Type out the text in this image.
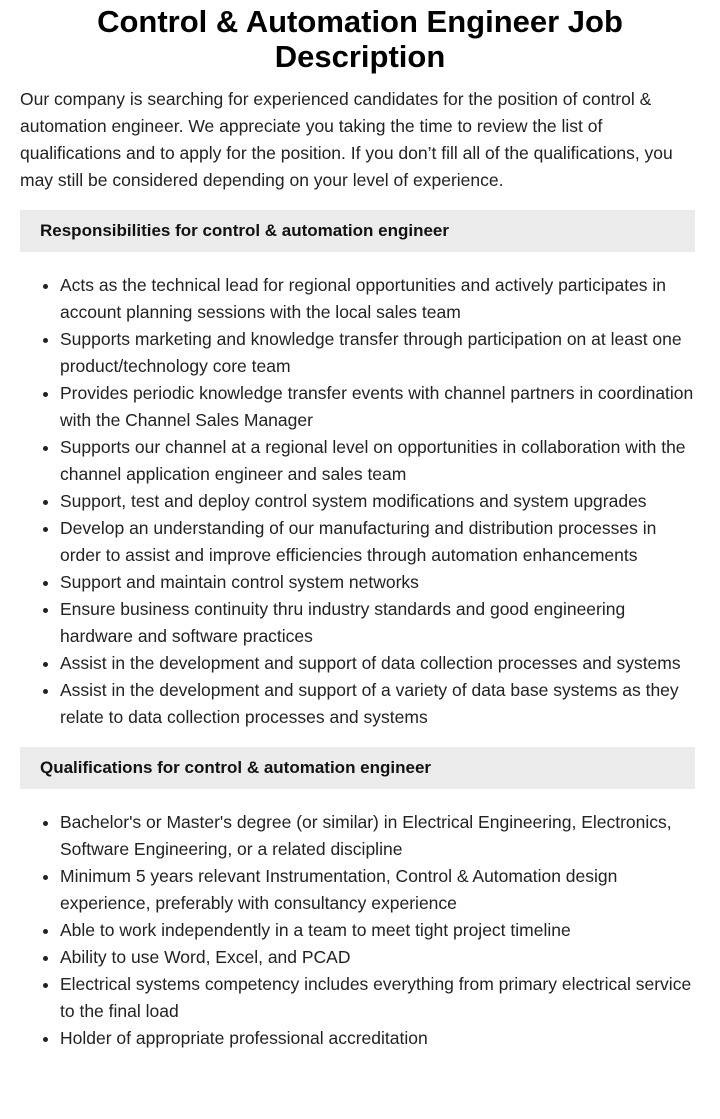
Control & Automation Engineer Job Description

Our company is searching for experienced candidates for the position of control & automation engineer. We appreciate you taking the time to review the list of qualifications and to apply for the position. If you don’t fill all of the qualifications, you may still be considered depending on your level of experience.

Responsibilities for control & automation engineer
• Acts as the technical lead for regional opportunities and actively participates in account planning sessions with the local sales team
• Supports marketing and knowledge transfer through participation on at least one product/technology core team
• Provides periodic knowledge transfer events with channel partners in coordination with the Channel Sales Manager
• Supports our channel at a regional level on opportunities in collaboration with the channel application engineer and sales team
• Support, test and deploy control system modifications and system upgrades
• Develop an understanding of our manufacturing and distribution processes in order to assist and improve efficiencies through automation enhancements
• Support and maintain control system networks
• Ensure business continuity thru industry standards and good engineering hardware and software practices
• Assist in the development and support of data collection processes and systems
• Assist in the development and support of a variety of data base systems as they relate to data collection processes and systems
Qualifications for control & automation engineer
• Bachelor's or Master's degree (or similar) in Electrical Engineering, Electronics, Software Engineering, or a related discipline
• Minimum 5 years relevant Instrumentation, Control & Automation design experience, preferably with consultancy experience
• Able to work independently in a team to meet tight project timeline
• Ability to use Word, Excel, and PCAD
• Electrical systems competency includes everything from primary electrical service to the final load
• Holder of appropriate professional accreditation
